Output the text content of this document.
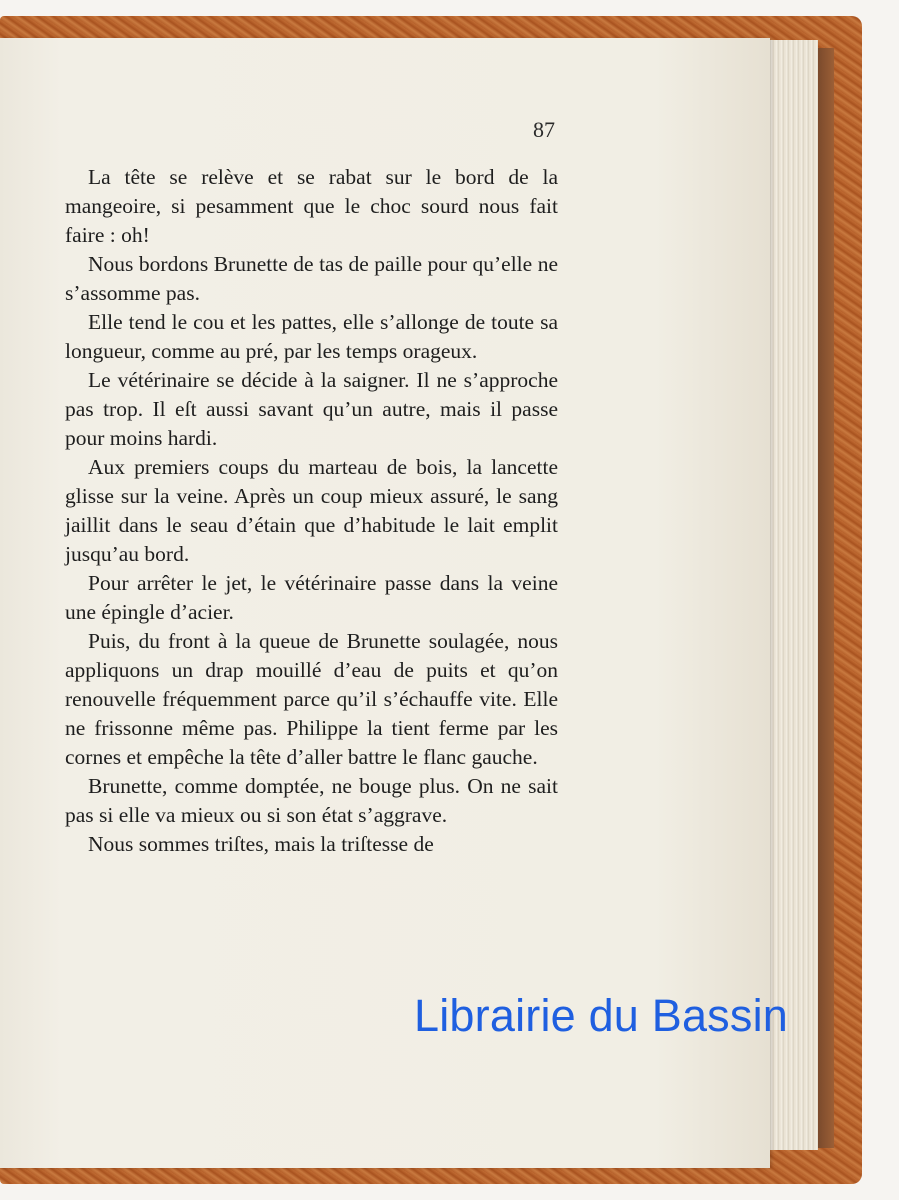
87

La tête se relève et se rabat sur le bord de la mangeoire, si pesamment que le choc sourd nous fait faire : oh!

Nous bordons Brunette de tas de paille pour qu’elle ne s’assomme pas.

Elle tend le cou et les pattes, elle s’allonge de toute sa longueur, comme au pré, par les temps orageux.

Le vétérinaire se décide à la saigner. Il ne s’approche pas trop. Il eſt aussi savant qu’un autre, mais il passe pour moins hardi.

Aux premiers coups du marteau de bois, la lancette glisse sur la veine. Après un coup mieux assuré, le sang jaillit dans le seau d’étain que d’habitude le lait emplit jusqu’au bord.

Pour arrêter le jet, le vétérinaire passe dans la veine une épingle d’acier.

Puis, du front à la queue de Brunette soulagée, nous appliquons un drap mouillé d’eau de puits et qu’on renouvelle fréquemment parce qu’il s’échauffe vite. Elle ne frissonne même pas. Philippe la tient ferme par les cornes et empêche la tête d’aller battre le flanc gauche.

Brunette, comme domptée, ne bouge plus. On ne sait pas si elle va mieux ou si son état s’aggrave.

Nous sommes triſtes, mais la triſtesse de

Librairie du Bassin
